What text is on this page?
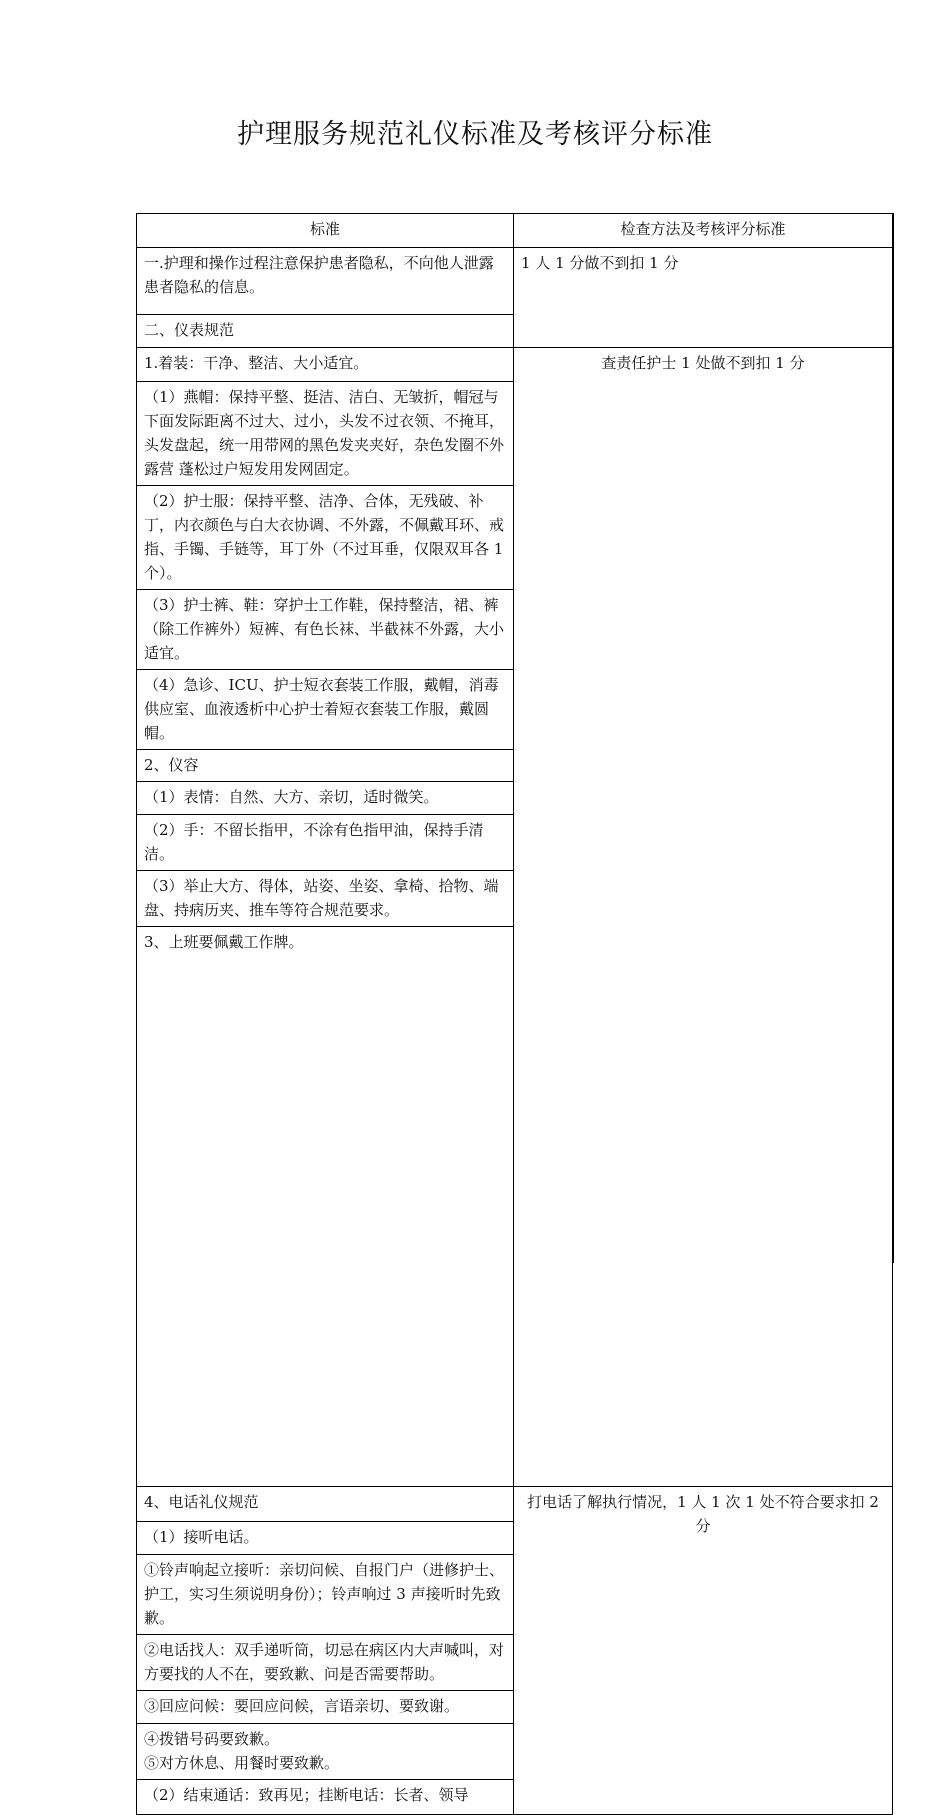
护理服务规范礼仪标准及考核评分标准
标准	检查方法及考核评分标准	
一.护理和操作过程注意保护患者隐私，不向他人泄露患者隐私的信息。	1 人 1 分做不到扣 1 分	
二、仪表规范		
1.着装：干净、整洁、大小适宜。	查责任护士 1 处做不到扣 1 分	
（1）燕帽：保持平整、挺洁、洁白、无皱折，帽冠与下面发际距离不过大、过小，头发不过衣领、不掩耳，头发盘起，统一用带网的黑色发夹夹好，杂色发圈不外露营 蓬松过户短发用发网固定。		
（2）护士服：保持平整、洁净、合体，无残破、补丁，内衣颜色与白大衣协调、不外露，不佩戴耳环、戒指、手镯、手链等，耳丁外（不过耳垂，仅限双耳各 1 个）。		
（3）护士裤、鞋：穿护士工作鞋，保持整洁，裙、裤（除工作裤外）短裤、有色长袜、半截袜不外露，大小适宜。		
（4）急诊、ICU、护士短衣套装工作服，戴帽，消毒供应室、血液透析中心护士着短衣套装工作服，戴圆帽。		
2、仪容		
（1）表情：自然、大方、亲切，适时微笑。		
（2）手：不留长指甲，不涂有色指甲油，保持手清洁。		
（3）举止大方、得体，站姿、坐姿、拿椅、拾物、端盘、持病历夹、推车等符合规范要求。		
3、上班要佩戴工作牌。	
4、电话礼仪规范	打电话了解执行情况，1 人 1 次 1 处不符合要求扣 2 分	
（1）接听电话。		
①铃声响起立接听：亲切问候、自报门户（进修护士、护工，实习生须说明身份）；铃声响过 3 声接听时先致歉。		
②电话找人：双手递听筒，切忌在病区内大声喊叫，对方要找的人不在，要致歉、问是否需要帮助。		
③回应问候：要回应问候，言语亲切、要致谢。		

④拨错号码要致歉。
⑤对方休息、用餐时要致歉。		

（2）结束通话：致再见；挂断电话：长者、领导		
